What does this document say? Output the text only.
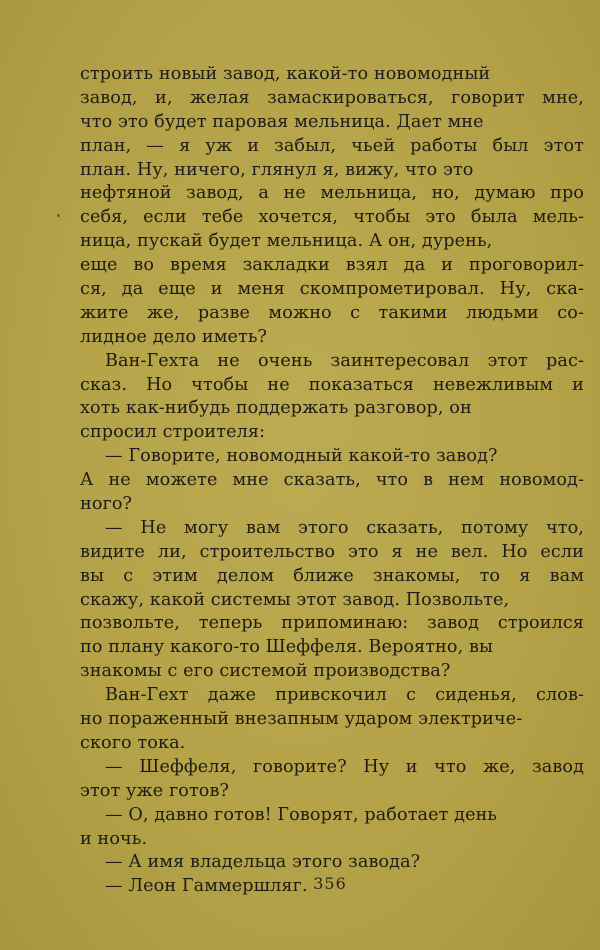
строить новый завод, какой-то новомодный
завод, и, желая замаскироваться, говорит мне,
что это будет паровая мельница. Дает мне
план, — я уж и забыл, чьей работы был этот
план. Ну, ничего, глянул я, вижу, что это
нефтяной завод, а не мельница, но, думаю про
себя, если тебе хочется, чтобы это была мель-
ница, пускай будет мельница. А он, дурень,
еще во время закладки взял да и проговорил-
ся, да еще и меня скомпрометировал. Ну, ска-
жите же, разве можно с такими людьми со-
лидное дело иметь?
Ван-Гехта не очень заинтересовал этот рас-
сказ. Но чтобы не показаться невежливым и
хоть как-нибудь поддержать разговор, он
спросил строителя:
— Говорите, новомодный какой-то завод?
А не можете мне сказать, что в нем новомод-
ного?
— Не могу вам этого сказать, потому что,
видите ли, строительство это я не вел. Но если
вы с этим делом ближе знакомы, то я вам
скажу, какой системы этот завод. Позвольте,
позвольте, теперь припоминаю: завод строился
по плану какого-то Шеффеля. Вероятно, вы
знакомы с его системой производства?
Ван-Гехт даже привскочил с сиденья, слов-
но пораженный внезапным ударом электриче-
ского тока.
— Шеффеля, говорите? Ну и что же, завод
этот уже готов?
— О, давно готов! Говорят, работает день
и ночь.
— А имя владельца этого завода?
— Леон Гаммершляг. 356
